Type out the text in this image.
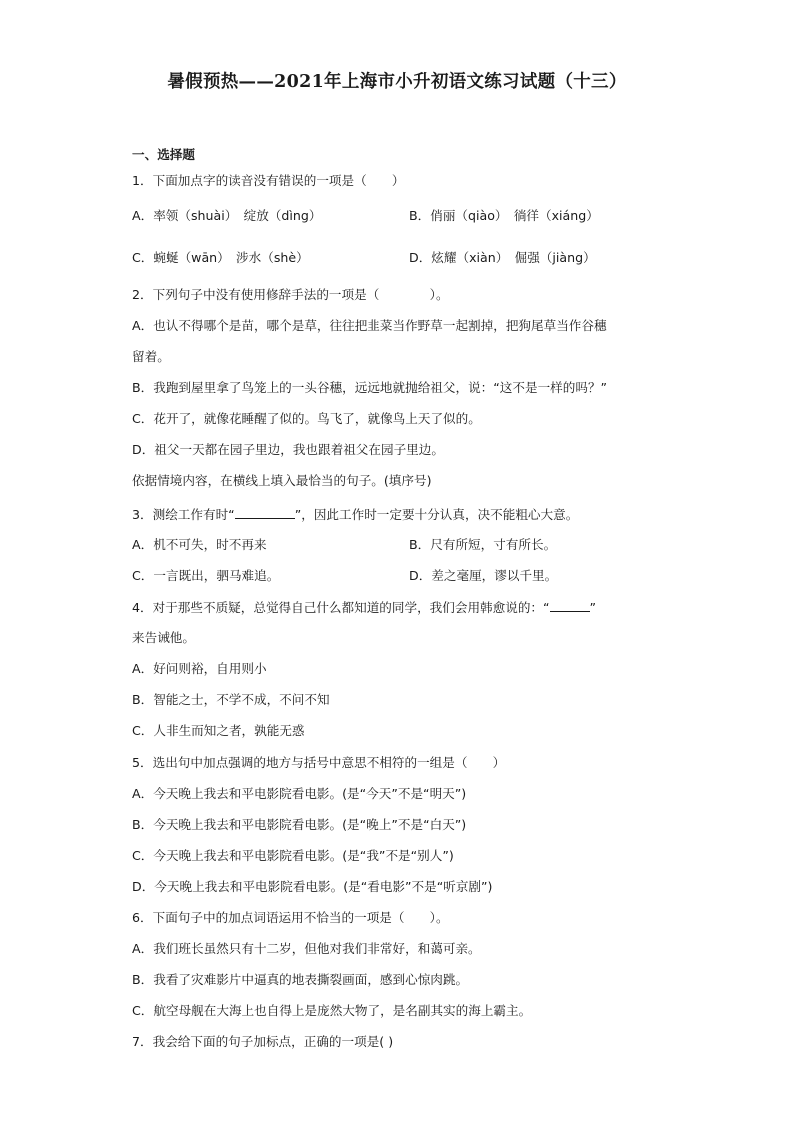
暑假预热——2021年上海市小升初语文练习试题（十三）
一、选择题
1．下面加点字的读音没有错误的一项是（　　）
A．率领（shuài）　绽放（dìng）	B．俏丽（qiào）　徜徉（xiáng）
C．蜿蜒（wān）　涉水（shè）	D．炫耀（xiàn）　倔强（jiàng）
2．下列句子中没有使用修辞手法的一项是（　　　　）。
A．也认不得哪个是苗，哪个是草，往往把韭菜当作野草一起割掉，把狗尾草当作谷穗
留着。
B．我跑到屋里拿了鸟笼上的一头谷穗，远远地就抛给祖父，说：“这不是一样的吗？”
C．花开了，就像花睡醒了似的。鸟飞了，就像鸟上天了似的。
D．祖父一天都在园子里边，我也跟着祖父在园子里边。
依据情境内容，在横线上填入最恰当的句子。(填序号)
3．测绘工作有时“	”，因此工作时一定要十分认真，决不能粗心大意。
A．机不可失，时不再来	B．尺有所短，寸有所长。
C．一言既出，驷马难追。	D．差之毫厘，谬以千里。
4．对于那些不质疑，总觉得自己什么都知道的同学，我们会用韩愈说的：“	”
来告诫他。
A．好问则裕，自用则小
B．智能之士，不学不成，不问不知
C．人非生而知之者，孰能无惑
5．选出句中加点强调的地方与括号中意思不相符的一组是（　　）
A．今天晚上我去和平电影院看电影。(是“今天”不是“明天”)
B．今天晚上我去和平电影院看电影。(是“晚上”不是“白天”)
C．今天晚上我去和平电影院看电影。(是“我”不是“别人”)
D．今天晚上我去和平电影院看电影。(是“看电影”不是“听京剧”)
6．下面句子中的加点词语运用不恰当的一项是（　　）。
A．我们班长虽然只有十二岁，但他对我们非常好，和蔼可亲。
B．我看了灾难影片中逼真的地表撕裂画面，感到心惊肉跳。
C．航空母舰在大海上也自得上是庞然大物了，是名副其实的海上霸主。
7．我会给下面的句子加标点，正确的一项是( )
